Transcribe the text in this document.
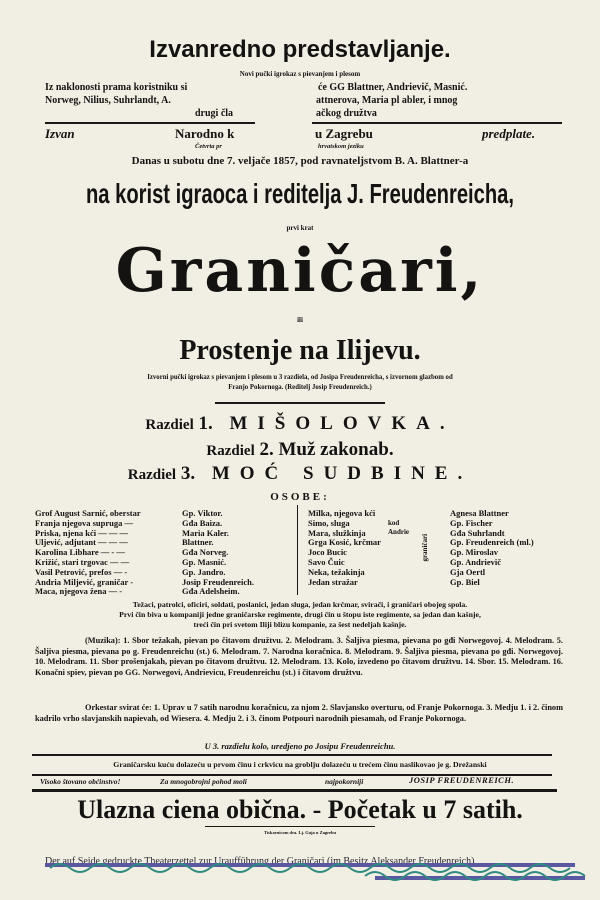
Izvanredno predstavljanje.
Novi pučki igrokaz s pievanjem i plesom
Iz naklonosti prama koristniku si
Norweg, Nilius, Suhrlandt, A.
drugi čla
će GG Blattner, Andrievič, Masnić.
attnerova, Maria pl abler, i mnog
ačkog družtva
Izvan	Narodno k	u Zagrebu	predplate.
Četvrta pr	hrvatskom jeziku
Danas u subotu dne 7. veljače 1857, pod ravnateljstvom B. A. Blattner-a
na korist igraoca i reditelja J. Freudenreicha,
prvi krat
Graničari,
ili
Prostenje na Ilijevu.
Izvorni pučki igrokaz s pievanjem i plesom u 3 razdiela, od Josipa Freudenreicha, s izvornom glazbom od
Franjo Pokornoga. (Reditelj Josip Freudenreich.)
Razdiel 1. MIŠOLOVKA.
Razdiel 2. Muž zakonab.
Razdiel 3. MOĆ SUDBINE.
OSOBE:
Grof August Sarnić, oberstar	Gp. Viktor.
Franja njegova supruga —	Gđa Baiza.
Priska, njena kći — — —	Maria Kaler.
Uljević, adjutant — — —	Blattner.
Karolina Libhare — - —	Gđa Norveg.
Križić, stari trgovac — —	Gp. Masnić.
Vasil Petrović, prefos — -	Gp. Jandro.
Andria Miljević, graničar -	Josip Freudenreich.
Maca, njegova žena — -	Gđa Adelsheim.
Milka, njegova kći	Agnesa Blattner
Simo, sluga	Gp. Fischer
Mara, služkinja	Gđa Suhrlandt
Grga Kosić, krčmar	Gp. Freudenreich (ml.)
Joco Bucic	Gp. Miroslav
Savo Čuic	Gp. Andrievič
Neka, težakinja	Gja Oertl
Jedan stražar	Gp. Biel
kod Andrie
graničari
Težaci, patrolci, oficiri, soldati, poslanici, jedan sluga, jedan krčmar, svirači, i graničari obojeg spola.
Prvi čin biva u kompaniji jedne graničarske regimente, drugi čin u štopu iste regimente, sa jedan dan kašnje,
treći čin pri svetom Iliji blizu kompanie, za šest nedeljah kašnje.
(Muzika): 1. Sbor težakah, pievan po čitavom družtvu. 2. Melodram. 3. Šaljiva piesma, pievana po gđi Norwegovoj. 4. Melodram. 5. Šaljiva piesma, pievana po g. Freudenreichu (st.) 6. Melodram. 7. Narodna koračnica. 8. Melodram. 9. Šaljiva piesma, pievana po gđi. Norwegovoj. 10. Melodram. 11. Sbor prošenjakah, pievan po čitavom družtvu. 12. Melodram. 13. Kolo, izvedeno po čitavom družtvu. 14. Sbor. 15. Melodram. 16. Konačni spiev, pievan po GG. Norwegovi, Andrievicu, Freudenreichu (st.) i čitavom družtvu.
Orkestar svirat će: 1. Uprav u 7 satih narodnu koračnicu, za njom 2. Slavjansko overturu, od Franje Pokornoga. 3. Medju 1. i 2. činom kadrilo vrho slavjanskih napievah, od Wiesera. 4. Medju 2. i 3. činom Potpouri narodnih piesamah, od Franje Pokornoga.
U 3. razdielu kolo, uredjeno po Josipu Freudenreichu.
Graničarsku kuću dolazeću u prvom činu i crkvicu na groblju dolazeću u trećem činu naslikovao je g. Drežanski
Visoko štovano obćinstvo!	Za mnogobrojni pohod moli	najpokorniji	JOSIP FREUDENREICH.
Ulazna ciena obična. - Početak u 7 satih.
Tiskarnicom dra. Lj. Gaja u Zagrebu
Der auf Seide gedruckte Theaterzettel zur Uraufführung der Graničari (im Besitz Aleksander Freudenreich)
